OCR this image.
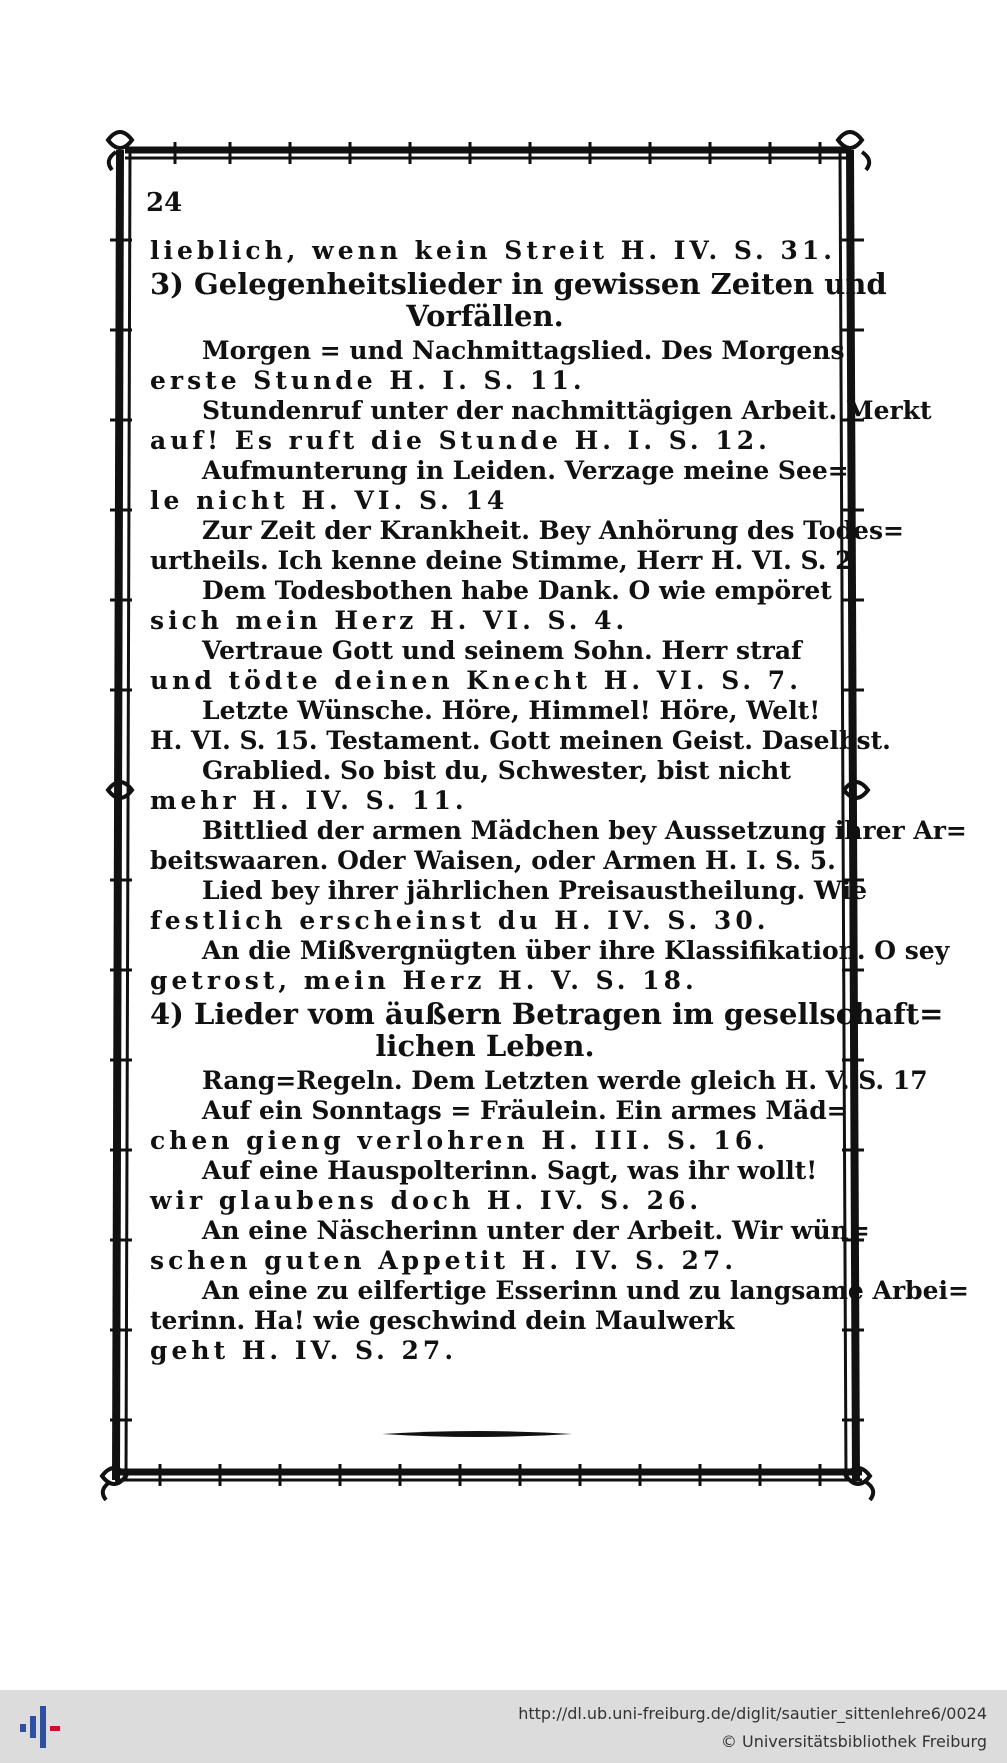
24
lieblich, wenn kein Streit H. IV. S. 31.
3) Gelegenheitslieder in gewissen Zeiten und
Vorfällen.
Morgen = und Nachmittagslied. Des Morgens
erste Stunde H. I. S. 11.
Stundenruf unter der nachmittägigen Arbeit. Merkt
auf! Es ruft die Stunde H. I. S. 12.
Aufmunterung in Leiden. Verzage meine See=
le nicht H. VI. S. 14
Zur Zeit der Krankheit. Bey Anhörung des Todes=
urtheils. Ich kenne deine Stimme, Herr H. VI. S. 2
Dem Todesbothen habe Dank. O wie empöret
sich mein Herz H. VI. S. 4.
Vertraue Gott und seinem Sohn. Herr straf
und tödte deinen Knecht H. VI. S. 7.
Letzte Wünsche. Höre, Himmel! Höre, Welt!
H. VI. S. 15. Testament. Gott meinen Geist. Daselbst.
Grablied. So bist du, Schwester, bist nicht
mehr H. IV. S. 11.
Bittlied der armen Mädchen bey Aussetzung ihrer Ar=
beitswaaren. Oder Waisen, oder Armen H. I. S. 5.
Lied bey ihrer jährlichen Preisaustheilung. Wie
festlich erscheinst du H. IV. S. 30.
An die Mißvergnügten über ihre Klassifikation. O sey
getrost, mein Herz H. V. S. 18.
4) Lieder vom äußern Betragen im gesellschaft=
lichen Leben.
Rang=Regeln. Dem Letzten werde gleich H. V. S. 17
Auf ein Sonntags = Fräulein. Ein armes Mäd=
chen gieng verlohren H. III. S. 16.
Auf eine Hauspolterinn. Sagt, was ihr wollt!
wir glaubens doch H. IV. S. 26.
An eine Näscherinn unter der Arbeit. Wir wün=
schen guten Appetit H. IV. S. 27.
An eine zu eilfertige Esserinn und zu langsame Arbei=
terinn. Ha! wie geschwind dein Maulwerk
geht H. IV. S. 27.
http://dl.ub.uni-freiburg.de/diglit/sautier_sittenlehre6/0024
© Universitätsbibliothek Freiburg
